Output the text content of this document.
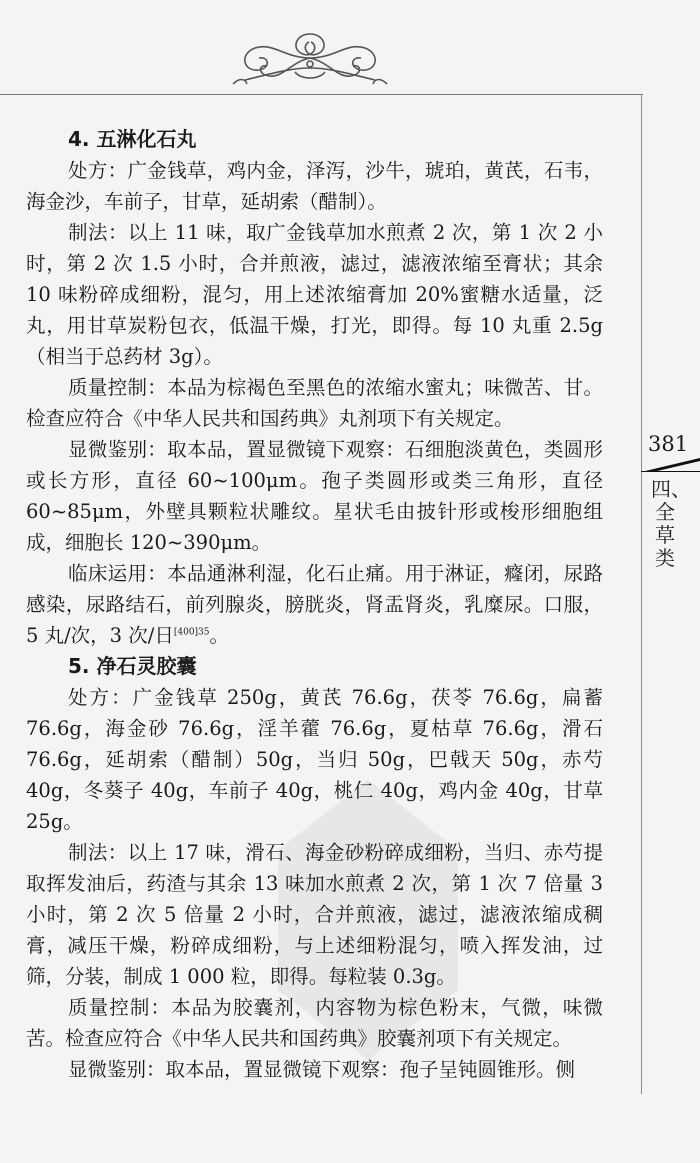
381
四、全草类
4. 五淋化石丸

处方：广金钱草，鸡内金，泽泻，沙牛，琥珀，黄芪，石韦，海金沙，车前子，甘草，延胡索（醋制）。

制法：以上 11 味，取广金钱草加水煎煮 2 次，第 1 次 2 小时，第 2 次 1.5 小时，合并煎液，滤过，滤液浓缩至膏状；其余 10 味粉碎成细粉，混匀，用上述浓缩膏加 20%蜜糖水适量，泛丸，用甘草炭粉包衣，低温干燥，打光，即得。每 10 丸重 2.5g（相当于总药材 3g）。

质量控制：本品为棕褐色至黑色的浓缩水蜜丸；味微苦、甘。检查应符合《中华人民共和国药典》丸剂项下有关规定。

显微鉴别：取本品，置显微镜下观察：石细胞淡黄色，类圆形或长方形，直径 60~100μm。孢子类圆形或类三角形，直径 60~85μm，外壁具颗粒状雕纹。星状毛由披针形或梭形细胞组成，细胞长 120~390μm。

临床运用：本品通淋利湿，化石止痛。用于淋证，癃闭，尿路感染，尿路结石，前列腺炎，膀胱炎，肾盂肾炎，乳糜尿。口服，5 丸/次，3 次/日$^{[400]35}$。

5. 净石灵胶囊

处方：广金钱草 250g，黄芪 76.6g，茯苓 76.6g，扁蓄 76.6g，海金砂 76.6g，淫羊藿 76.6g，夏枯草 76.6g，滑石 76.6g，延胡索（醋制）50g，当归 50g，巴戟天 50g，赤芍 40g，冬葵子 40g，车前子 40g，桃仁 40g，鸡内金 40g，甘草 25g。

制法：以上 17 味，滑石、海金砂粉碎成细粉，当归、赤芍提取挥发油后，药渣与其余 13 味加水煎煮 2 次，第 1 次 7 倍量 3 小时，第 2 次 5 倍量 2 小时，合并煎液，滤过，滤液浓缩成稠膏，减压干燥，粉碎成细粉，与上述细粉混匀，喷入挥发油，过筛，分装，制成 1 000 粒，即得。每粒装 0.3g。

质量控制：本品为胶囊剂，内容物为棕色粉末，气微，味微苦。检查应符合《中华人民共和国药典》胶囊剂项下有关规定。

显微鉴别：取本品，置显微镜下观察：孢子呈钝圆锥形。侧
